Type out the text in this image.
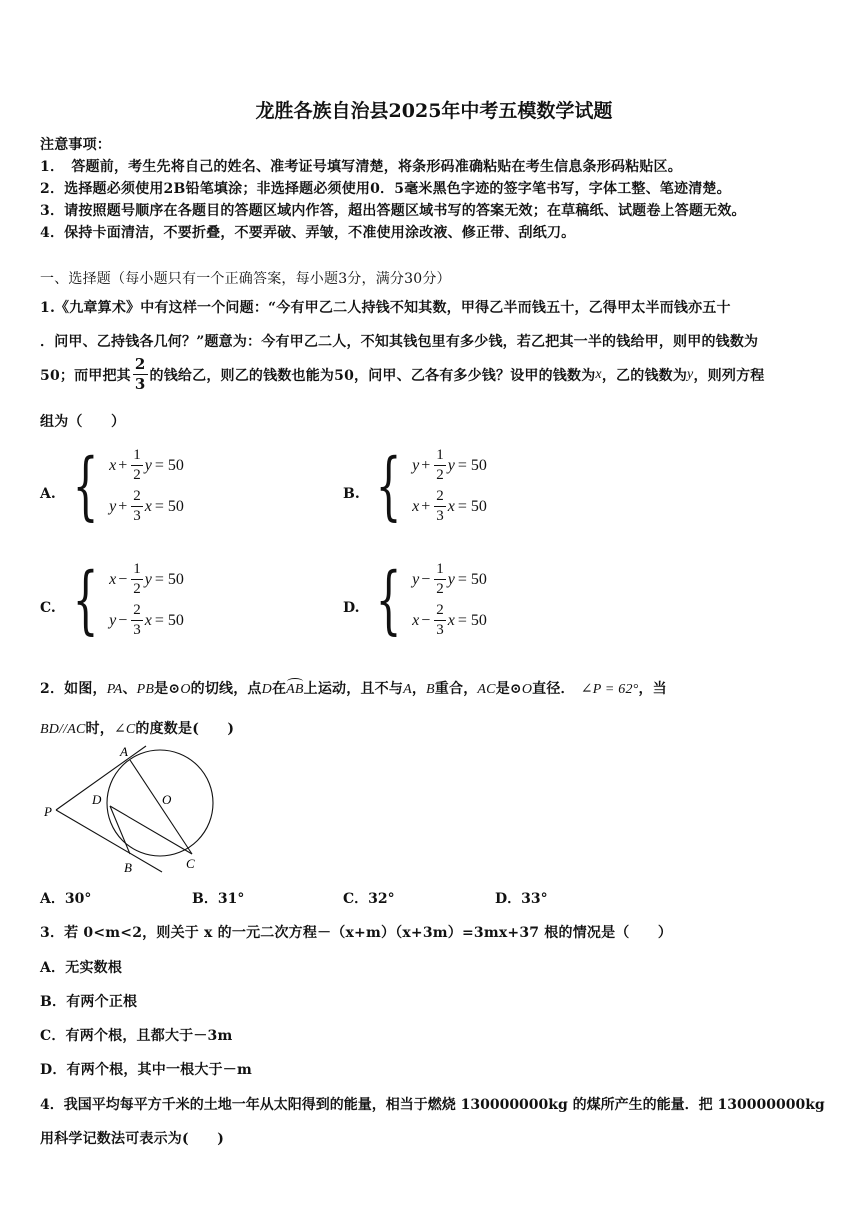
龙胜各族自治县2025年中考五模数学试题
注意事项：
1．　答题前，考生先将自己的姓名、准考证号填写清楚，将条形码准确粘贴在考生信息条形码粘贴区。
2．选择题必须使用2B铅笔填涂；非选择题必须使用0．5毫米黑色字迹的签字笔书写，字体工整、笔迹清楚。
3．请按照题号顺序在各题目的答题区域内作答，超出答题区域书写的答案无效；在草稿纸、试题卷上答题无效。
4．保持卡面清洁，不要折叠，不要弄破、弄皱，不准使用涂改液、修正带、刮纸刀。
一、选择题（每小题只有一个正确答案，每小题3分，满分30分）
1.《九章算术》中有这样一个问题：“今有甲乙二人持钱不知其数，甲得乙半而钱五十，乙得甲太半而钱亦五十
．问甲、乙持钱各几何？”题意为：今有甲乙二人，不知其钱包里有多少钱，若乙把其一半的钱给甲，则甲的钱数为
50；而甲把其 $\frac{2}{3}$ 的钱给乙，则乙的钱数也能为50，问甲、乙各有多少钱？设甲的钱数为 x ，乙的钱数为 y ，则列方程
组为（　　）
A. { $x + \frac{1}{2}$ y = 50
$y + \frac{2}{3}$ x = 50
B. { $y + \frac{1}{2}$ y = 50
$x + \frac{2}{3}$ x = 50
C. { $x - \frac{1}{2}$ y = 50
$y - \frac{2}{3}$ x = 50
D. { $y - \frac{1}{2}$ y = 50
$x - \frac{2}{3}$ x = 50
2．如图，PA、PB是⊙O的切线，点D在AB上运动，且不与A，B重合，AC是⊙O直径． ∠P = 62°，当
BD//AC时，∠C的度数是(　　)
A
O
P
D
B	C
A．30°	B．31°	C．32°	D．33°
3．若 0<m<2，则关于 x 的一元二次方程－（x+m）（x+3m）=3mx+37 根的情况是（　　）
A．无实数根
B．有两个正根
C．有两个根，且都大于－3m
D．有两个根，其中一根大于－m
4．我国平均每平方千米的土地一年从太阳得到的能量，相当于燃烧 130000000kg 的煤所产生的能量．把 130000000kg
用科学记数法可表示为(　　)
